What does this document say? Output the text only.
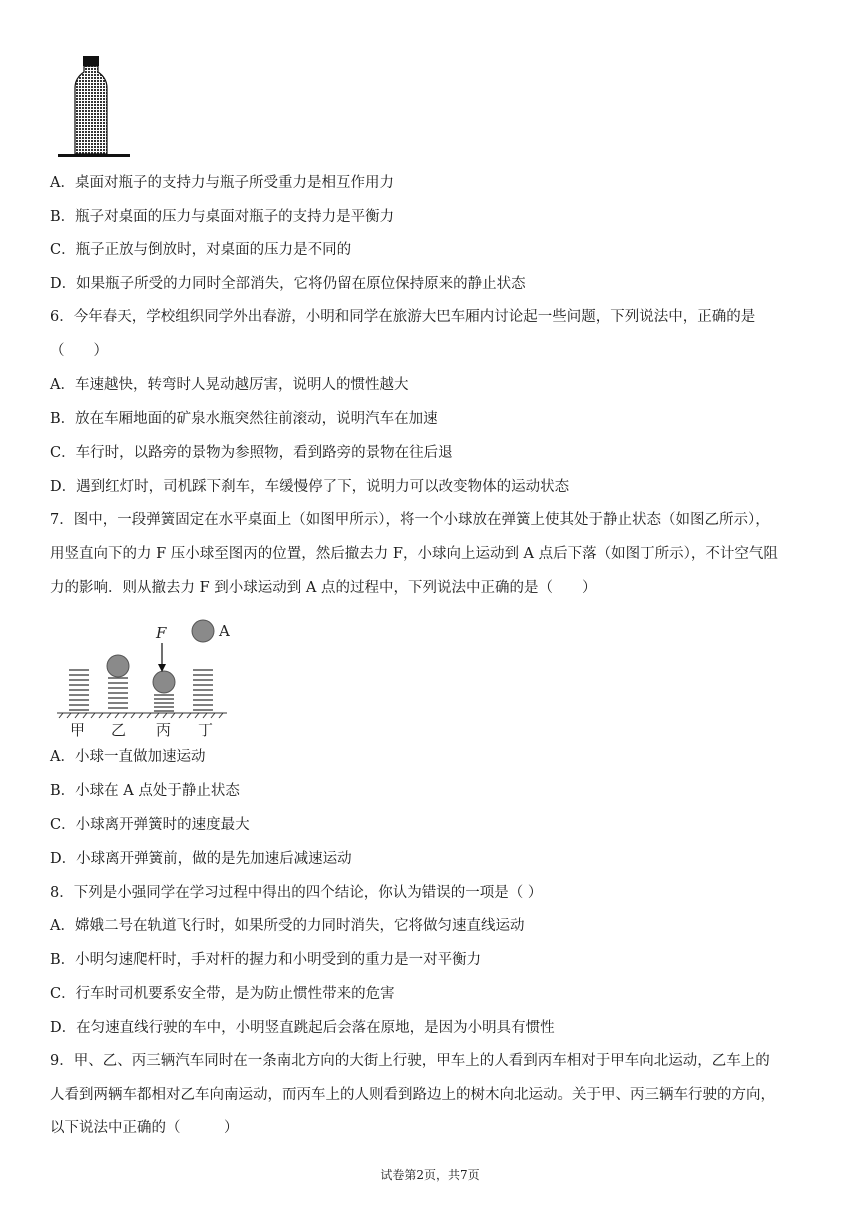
A．桌面对瓶子的支持力与瓶子所受重力是相互作用力
B．瓶子对桌面的压力与桌面对瓶子的支持力是平衡力
C．瓶子正放与倒放时，对桌面的压力是不同的
D．如果瓶子所受的力同时全部消失，它将仍留在原位保持原来的静止状态
6．今年春天，学校组织同学外出春游，小明和同学在旅游大巴车厢内讨论起一些问题，下列说法中，正确的是
（　　）
A．车速越快，转弯时人晃动越厉害，说明人的惯性越大
B．放在车厢地面的矿泉水瓶突然往前滚动，说明汽车在加速
C．车行时，以路旁的景物为参照物，看到路旁的景物在往后退
D．遇到红灯时，司机踩下刹车，车缓慢停了下，说明力可以改变物体的运动状态
7．图中，一段弹簧固定在水平桌面上（如图甲所示），将一个小球放在弹簧上使其处于静止状态（如图乙所示），
用竖直向下的力 F 压小球至图丙的位置，然后撤去力 F，小球向上运动到 A 点后下落（如图丁所示），不计空气阻
力的影响．则从撤去力 F 到小球运动到 A 点的过程中，下列说法中正确的是（　　）
F	A
甲 乙 丙 丁
A．小球一直做加速运动
B．小球在 A 点处于静止状态
C．小球离开弹簧时的速度最大
D．小球离开弹簧前，做的是先加速后减速运动
8．下列是小强同学在学习过程中得出的四个结论，你认为错误的一项是（ ）
A．嫦娥二号在轨道飞行时，如果所受的力同时消失，它将做匀速直线运动
B．小明匀速爬杆时，手对杆的握力和小明受到的重力是一对平衡力
C．行车时司机要系安全带，是为防止惯性带来的危害
D．在匀速直线行驶的车中，小明竖直跳起后会落在原地，是因为小明具有惯性
9．甲、乙、丙三辆汽车同时在一条南北方向的大街上行驶，甲车上的人看到丙车相对于甲车向北运动，乙车上的
人看到两辆车都相对乙车向南运动，而丙车上的人则看到路边上的树木向北运动。关于甲、丙三辆车行驶的方向，
以下说法中正确的（　　　）
试卷第2页，共7页
